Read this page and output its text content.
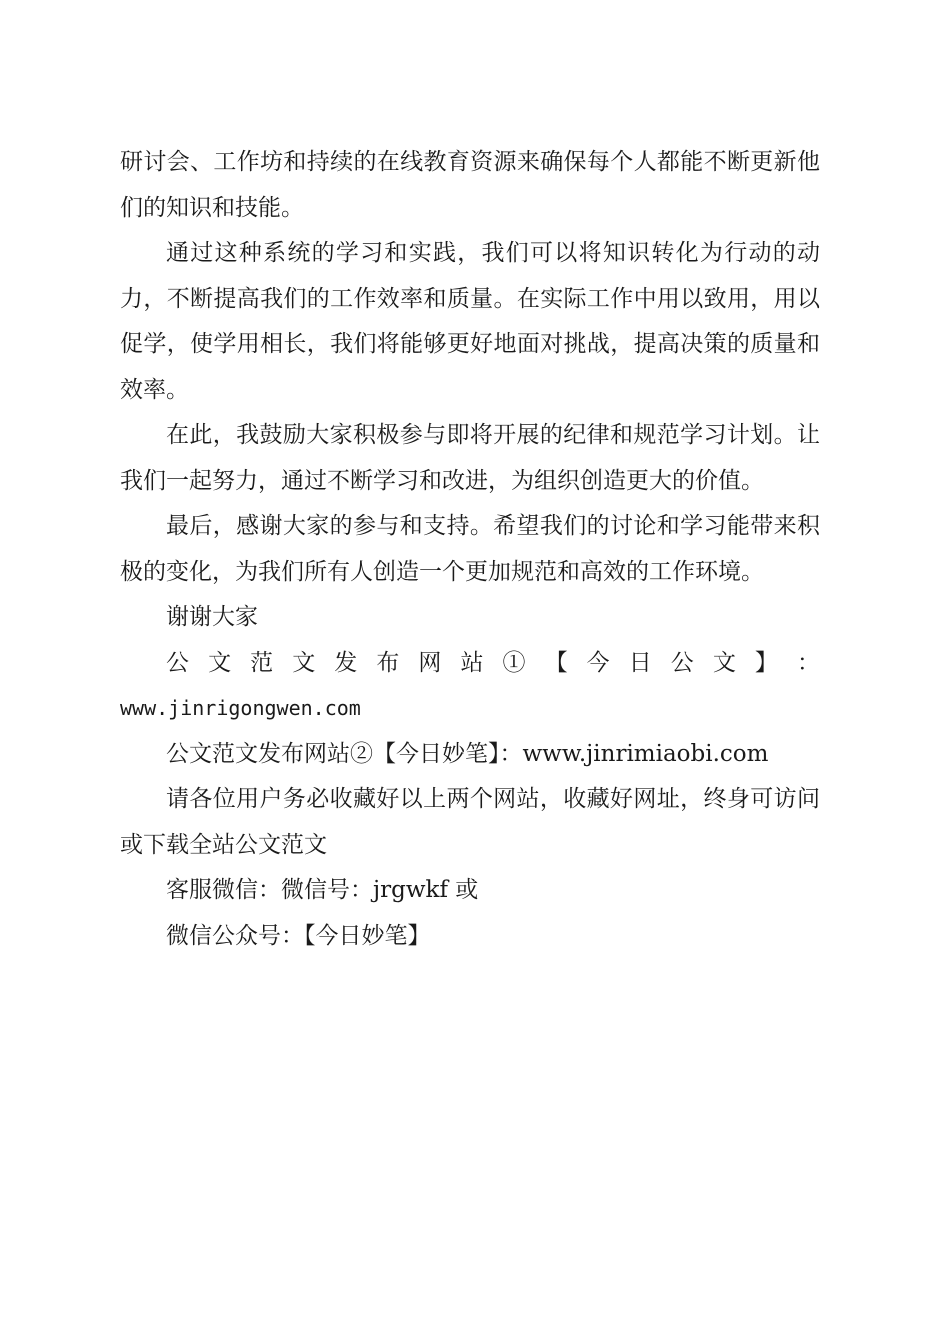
研讨会、工作坊和持续的在线教育资源来确保每个人都能不断更新他们的知识和技能。

通过这种系统的学习和实践，我们可以将知识转化为行动的动力，不断提高我们的工作效率和质量。在实际工作中用以致用，用以促学，使学用相长，我们将能够更好地面对挑战，提高决策的质量和效率。

在此，我鼓励大家积极参与即将开展的纪律和规范学习计划。让我们一起努力，通过不断学习和改进，为组织创造更大的价值。

最后，感谢大家的参与和支持。希望我们的讨论和学习能带来积极的变化，为我们所有人创造一个更加规范和高效的工作环境。

谢谢大家

公 文 范 文 发 布 网 站 ① 【 今 日 公 文 】 ：

www.jinrigongwen.com

公文范文发布网站②【今日妙笔】：www.jinrimiaobi.com

请各位用户务必收藏好以上两个网站，收藏好网址，终身可访问或下载全站公文范文

客服微信：微信号：jrgwkf 或

微信公众号：【今日妙笔】
